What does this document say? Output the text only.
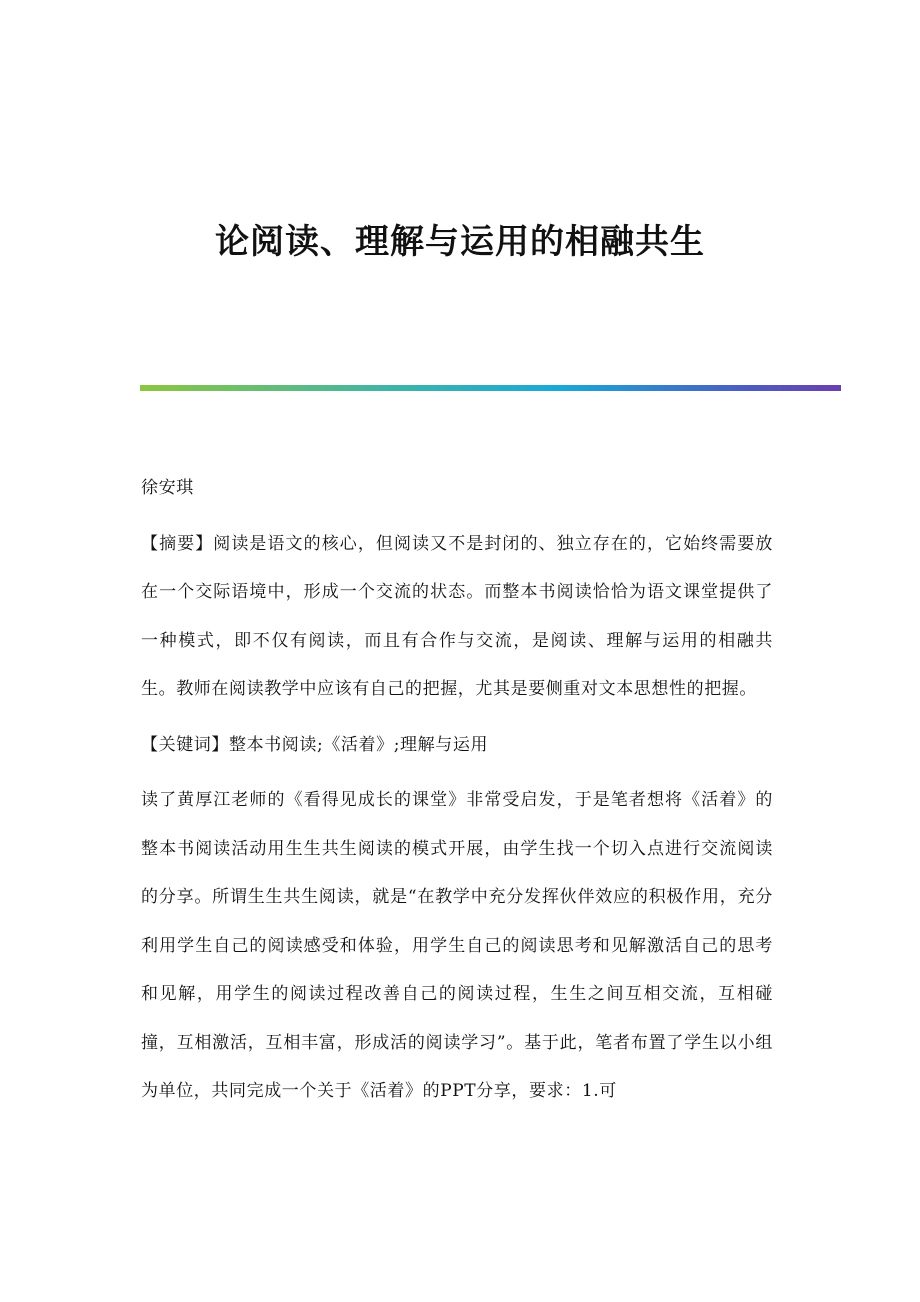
论阅读、理解与运用的相融共生

徐安琪

【摘要】阅读是语文的核心，但阅读又不是封闭的、独立存在的，它始终需要放在一个交际语境中，形成一个交流的状态。而整本书阅读恰恰为语文课堂提供了一种模式，即不仅有阅读，而且有合作与交流，是阅读、理解与运用的相融共生。教师在阅读教学中应该有自己的把握，尤其是要侧重对文本思想性的把握。

【关键词】整本书阅读;《活着》;理解与运用

读了黄厚江老师的《看得见成长的课堂》非常受启发，于是笔者想将《活着》的整本书阅读活动用生生共生阅读的模式开展，由学生找一个切入点进行交流阅读的分享。所谓生生共生阅读，就是“在教学中充分发挥伙伴效应的积极作用，充分利用学生自己的阅读感受和体验，用学生自己的阅读思考和见解激活自己的思考和见解，用学生的阅读过程改善自己的阅读过程，生生之间互相交流，互相碰撞，互相激活，互相丰富，形成活的阅读学习”。基于此，笔者布置了学生以小组为单位，共同完成一个关于《活着》的PPT分享，要求：1.可
